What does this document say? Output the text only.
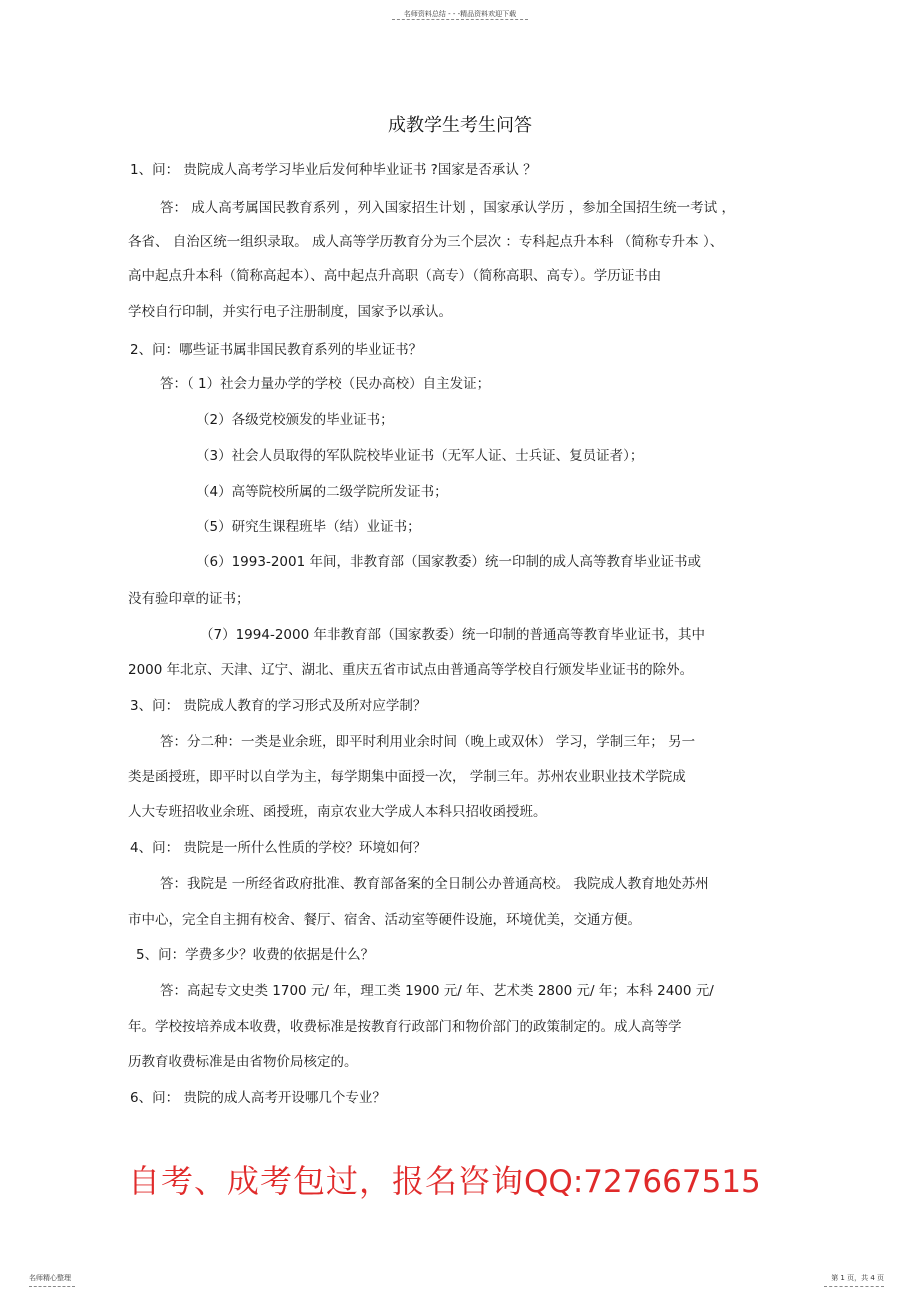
名师资料总结 - - -精品资料欢迎下载
成教学生考生问答
1、问： 贵院成人高考学习毕业后发何种毕业证书 ?国家是否承认 ？
答： 成人高考属国民教育系列 ，列入国家招生计划 ，国家承认学历 ，参加全国招生统一考试 ，
各省、 自治区统一组织录取。 成人高等学历教育分为三个层次 ：专科起点升本科 （简称专升本 ）、
高中起点升本科（简称高起本）、高中起点升高职（高专）（简称高职、高专）。学历证书由
学校自行印制，并实行电子注册制度，国家予以承认。
2、问：哪些证书属非国民教育系列的毕业证书？
答：（ 1）社会力量办学的学校（民办高校）自主发证；
（2）各级党校颁发的毕业证书；
（3）社会人员取得的军队院校毕业证书（无军人证、士兵证、复员证者）；
（4）高等院校所属的二级学院所发证书；
（5）研究生课程班毕（结）业证书；
（6）1993-2001 年间，非教育部（国家教委）统一印制的成人高等教育毕业证书或
没有验印章的证书；
（7）1994-2000 年非教育部（国家教委）统一印制的普通高等教育毕业证书，其中
2000 年北京、天津、辽宁、湖北、重庆五省市试点由普通高等学校自行颁发毕业证书的除外。
3、问： 贵院成人教育的学习形式及所对应学制？
答：分二种：一类是业余班，即平时利用业余时间（晚上或双休） 学习，学制三年； 另一
类是函授班，即平时以自学为主，每学期集中面授一次， 学制三年。苏州农业职业技术学院成
人大专班招收业余班、函授班，南京农业大学成人本科只招收函授班。
4、问： 贵院是一所什么性质的学校？环境如何？
答：我院是 一所经省政府批准、教育部备案的全日制公办普通高校。 我院成人教育地处苏州
市中心，完全自主拥有校舍、餐厅、宿舍、活动室等硬件设施，环境优美，交通方便。
5、问：学费多少？收费的依据是什么？
答：高起专文史类 1700 元/ 年，理工类 1900 元/ 年、艺术类 2800 元/ 年；本科 2400 元/
年。学校按培养成本收费，收费标准是按教育行政部门和物价部门的政策制定的。成人高等学
历教育收费标准是由省物价局核定的。
6、问： 贵院的成人高考开设哪几个专业？
自考、成考包过，报名咨询QQ:727667515
名师精心整理	第 1 页，共 4 页
